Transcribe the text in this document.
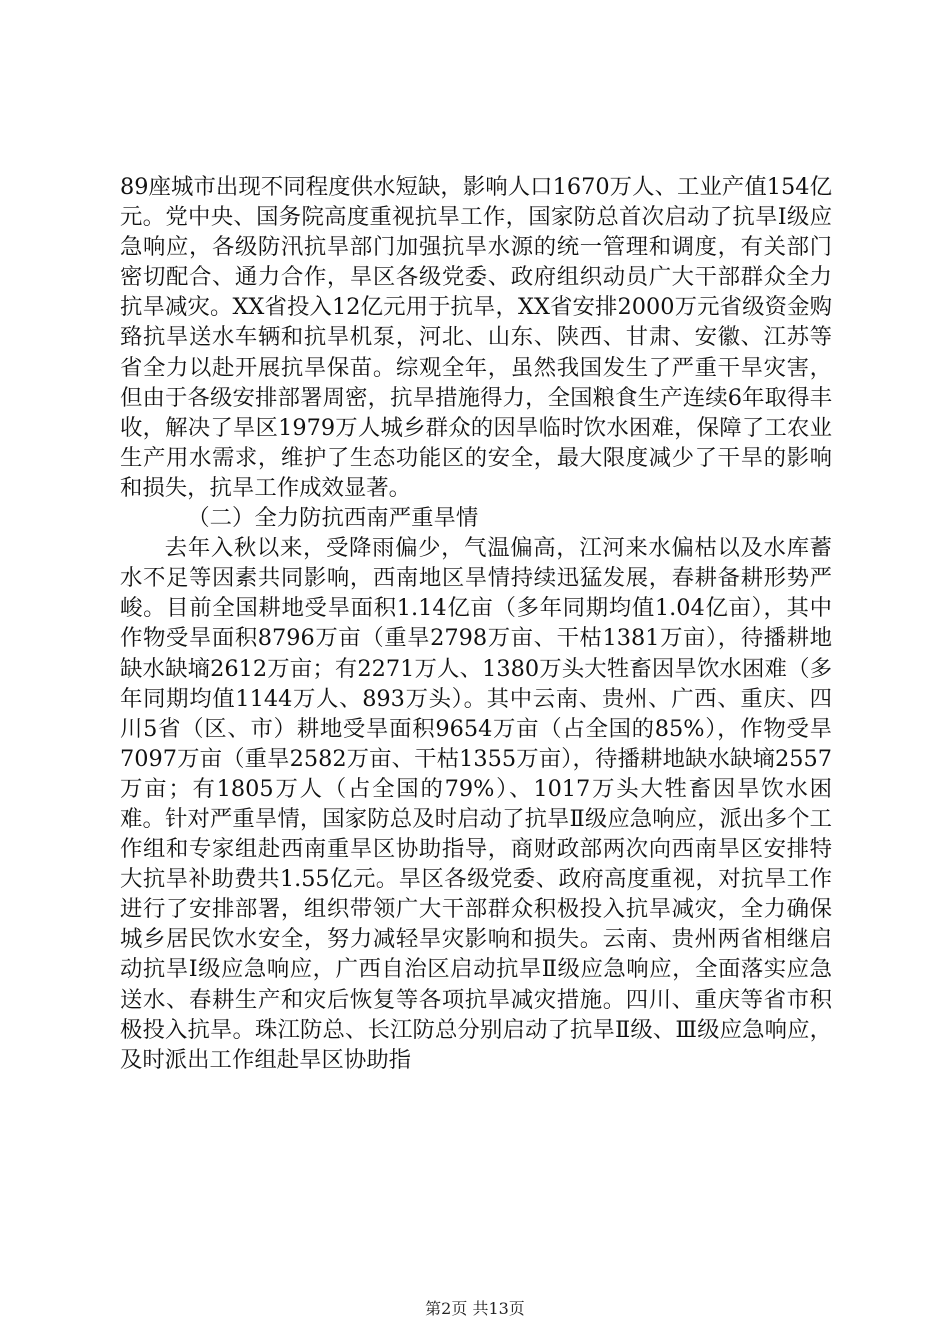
89座城市出现不同程度供水短缺，影响人口1670万人、工业产值154亿元。党中央、国务院高度重视抗旱工作，国家防总首次启动了抗旱Ⅰ级应急响应，各级防汛抗旱部门加强抗旱水源的统一管理和调度，有关部门密切配合、通力合作，旱区各级党委、政府组织动员广大干部群众全力抗旱减灾。XX省投入12亿元用于抗旱，XX省安排2000万元省级资金购臵抗旱送水车辆和抗旱机泵，河北、山东、陕西、甘肃、安徽、江苏等省全力以赴开展抗旱保苗。综观全年，虽然我国发生了严重干旱灾害，但由于各级安排部署周密，抗旱措施得力，全国粮食生产连续6年取得丰收，解决了旱区1979万人城乡群众的因旱临时饮水困难，保障了工农业生产用水需求，维护了生态功能区的安全，最大限度减少了干旱的影响和损失，抗旱工作成效显著。

（二）全力防抗西南严重旱情

去年入秋以来，受降雨偏少，气温偏高，江河来水偏枯以及水库蓄水不足等因素共同影响，西南地区旱情持续迅猛发展，春耕备耕形势严峻。目前全国耕地受旱面积1.14亿亩（多年同期均值1.04亿亩），其中作物受旱面积8796万亩（重旱2798万亩、干枯1381万亩），待播耕地缺水缺墒2612万亩；有2271万人、1380万头大牲畜因旱饮水困难（多年同期均值1144万人、893万头）。其中云南、贵州、广西、重庆、四川5省（区、市）耕地受旱面积9654万亩（占全国的85%），作物受旱7097万亩（重旱2582万亩、干枯1355万亩），待播耕地缺水缺墒2557万亩；有1805万人（占全国的79%）、1017万头大牲畜因旱饮水困难。针对严重旱情，国家防总及时启动了抗旱Ⅱ级应急响应，派出多个工作组和专家组赴西南重旱区协助指导，商财政部两次向西南旱区安排特大抗旱补助费共1.55亿元。旱区各级党委、政府高度重视，对抗旱工作进行了安排部署，组织带领广大干部群众积极投入抗旱减灾，全力确保城乡居民饮水安全，努力减轻旱灾影响和损失。云南、贵州两省相继启动抗旱Ⅰ级应急响应，广西自治区启动抗旱Ⅱ级应急响应，全面落实应急送水、春耕生产和灾后恢复等各项抗旱减灾措施。四川、重庆等省市积极投入抗旱。珠江防总、长江防总分别启动了抗旱Ⅱ级、Ⅲ级应急响应，及时派出工作组赴旱区协助指

第2页 共13页
